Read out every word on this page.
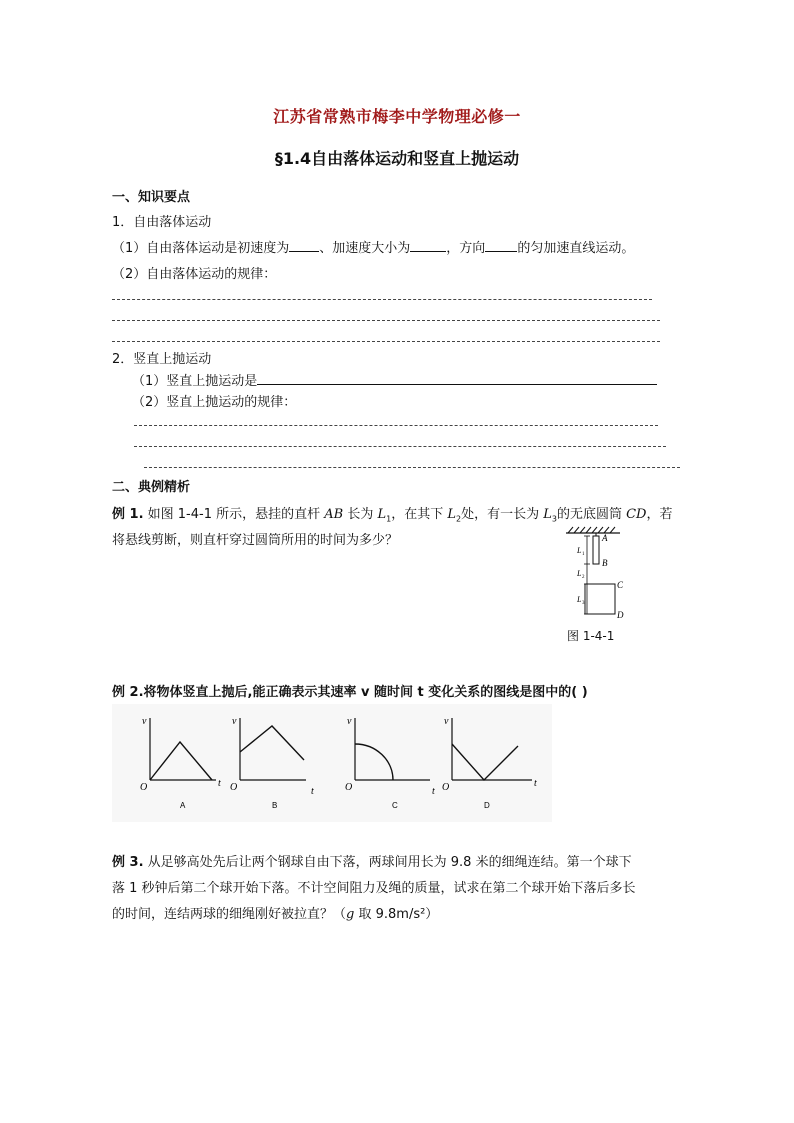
江苏省常熟市梅李中学物理必修一
§1.4自由落体运动和竖直上抛运动
一、知识要点
1．自由落体运动
（1）自由落体运动是初速度为 、加速度大小为	，方向 的匀加速直线运动。
（2）自由落体运动的规律：
2．竖直上抛运动
（1）竖直上抛运动是
（2）竖直上抛运动的规律：
二、典例精析
例 1. 如图 1-4-1 所示，悬挂的直杆 AB 长为 $L_1$，在其下 $L_2$处，有一长为 $L_3$的无底圆筒 CD，若
将悬线剪断，则直杆穿过圆筒所用的时间为多少？	A
B
C
D
L 1
L 2
L 3
图 1-4-1
例 2.将物体竖直上抛后,能正确表示其速率 v 随时间 t 变化关系的图线是图中的( )
v
O	t
A
v
O	t
B
v
O	t
C
v
O	t
D
例 3. 从足够高处先后让两个钢球自由下落，两球间用长为 9.8 米的细绳连结。第一个球下
落 1 秒钟后第二个球开始下落。不计空间阻力及绳的质量，试求在第二个球开始下落后多长
的时间，连结两球的细绳刚好被拉直？（g 取 9.8m/s²）
